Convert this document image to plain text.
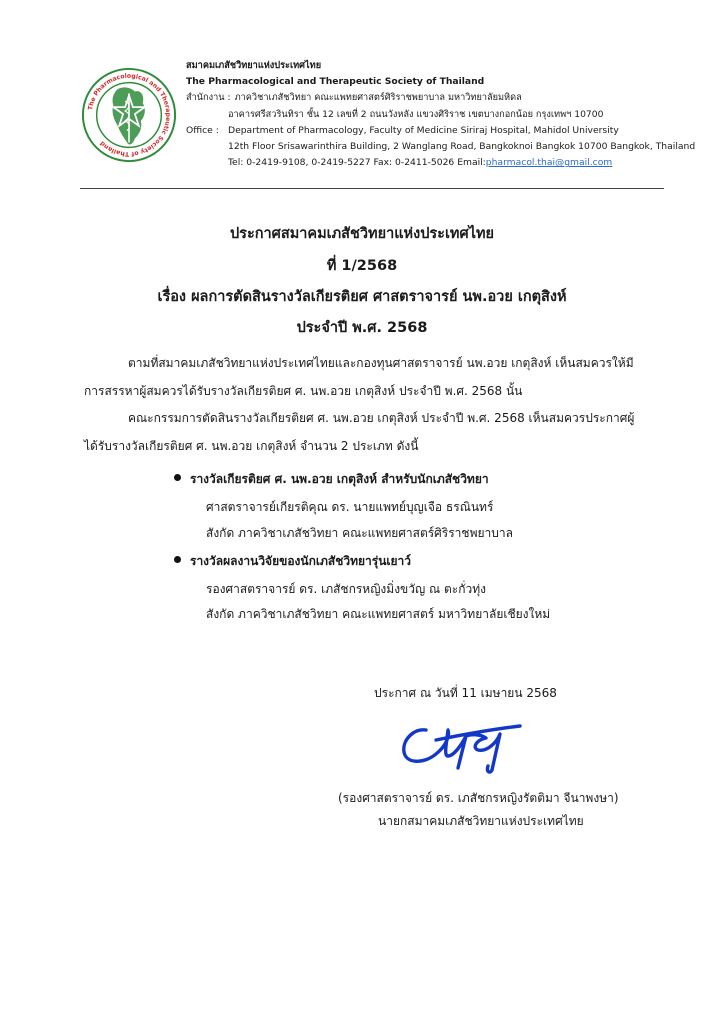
The Pharmacological and Therapeutic Society of Thailand
สมาคมเภสัชวิทยาแห่งประเทศไทย
The Pharmacological and Therapeutic Society of Thailand
สำนักงาน : ภาควิชาเภสัชวิทยา คณะแพทยศาสตร์ศิริราชพยาบาล มหาวิทยาลัยมหิดล
อาคารศรีสวรินทิรา ชั้น 12 เลขที่ 2 ถนนวังหลัง แขวงศิริราช เขตบางกอกน้อย กรุงเทพฯ 10700
Office : Department of Pharmacology, Faculty of Medicine Siriraj Hospital, Mahidol University
12th Floor Srisawarinthira Building, 2 Wanglang Road, Bangkoknoi Bangkok 10700 Bangkok, Thailand
Tel: 0-2419-9108, 0-2419-5227 Fax: 0-2411-5026 Email: pharmacol.thai@gmail.com
ประกาศสมาคมเภสัชวิทยาแห่งประเทศไทย
ที่ 1/2568
เรื่อง ผลการตัดสินรางวัลเกียรติยศ ศาสตราจารย์ นพ.อวย เกตุสิงห์
ประจำปี พ.ศ. 2568
ตามที่สมาคมเภสัชวิทยาแห่งประเทศไทยและกองทุนศาสตราจารย์ นพ.อวย เกตุสิงห์ เห็นสมควรให้มี
การสรรหาผู้สมควรได้รับรางวัลเกียรติยศ ศ. นพ.อวย เกตุสิงห์ ประจำปี พ.ศ. 2568 นั้น
คณะกรรมการตัดสินรางวัลเกียรติยศ ศ. นพ.อวย เกตุสิงห์ ประจำปี พ.ศ. 2568 เห็นสมควรประกาศผู้
ได้รับรางวัลเกียรติยศ ศ. นพ.อวย เกตุสิงห์ จำนวน 2 ประเภท ดังนี้
รางวัลเกียรติยศ ศ. นพ.อวย เกตุสิงห์ สำหรับนักเภสัชวิทยา
ศาสตราจารย์เกียรติคุณ ดร. นายแพทย์บุญเจือ ธรณินทร์
สังกัด ภาควิชาเภสัชวิทยา คณะแพทยศาสตร์ศิริราชพยาบาล
รางวัลผลงานวิจัยของนักเภสัชวิทยารุ่นเยาว์
รองศาสตราจารย์ ดร. เภสัชกรหญิงมิ่งขวัญ ณ ตะกั่วทุ่ง
สังกัด ภาควิชาเภสัชวิทยา คณะแพทยศาสตร์ มหาวิทยาลัยเชียงใหม่
ประกาศ ณ วันที่ 11 เมษายน 2568
(รองศาสตราจารย์ ดร. เภสัชกรหญิงรัตติมา จีนาพงษา)
นายกสมาคมเภสัชวิทยาแห่งประเทศไทย
